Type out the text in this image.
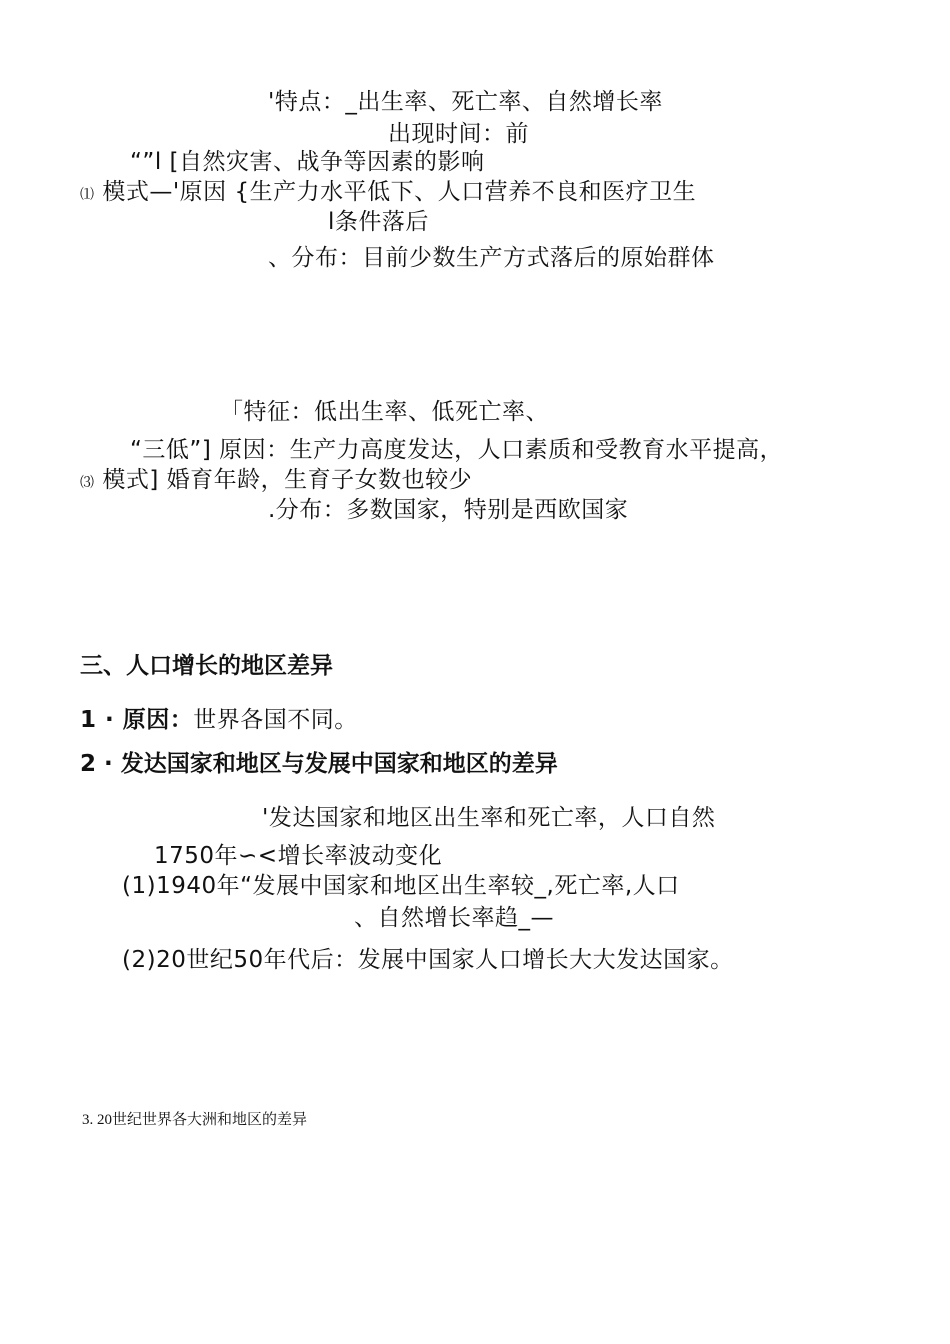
'特点：_出生率、死亡率、自然增长率
出现时间：前
“”l [自然灾害、战争等因素的影响
⑴ 模式—'原因 {生产力水平低下、人口营养不良和医疗卫生
l条件落后
、分布：目前少数生产方式落后的原始群体
「特征：低出生率、低死亡率、
“三低”] 原因：生产力高度发达，人口素质和受教育水平提高，
⑶ 模式] 婚育年龄，生育子女数也较少
.分布：多数国家，特别是西欧国家
三、人口增长的地区差异
1 · 原因：世界各国不同。
2 · 发达国家和地区与发展中国家和地区的差异
'发达国家和地区出生率和死亡率，人口自然
1750年∽<增长率波动变化
(1)1940年“发展中国家和地区出生率较_,死亡率,人口
、自然增长率趋_—
(2)20世纪50年代后：发展中国家人口增长大大发达国家。
3. 20世纪世界各大洲和地区的差异
